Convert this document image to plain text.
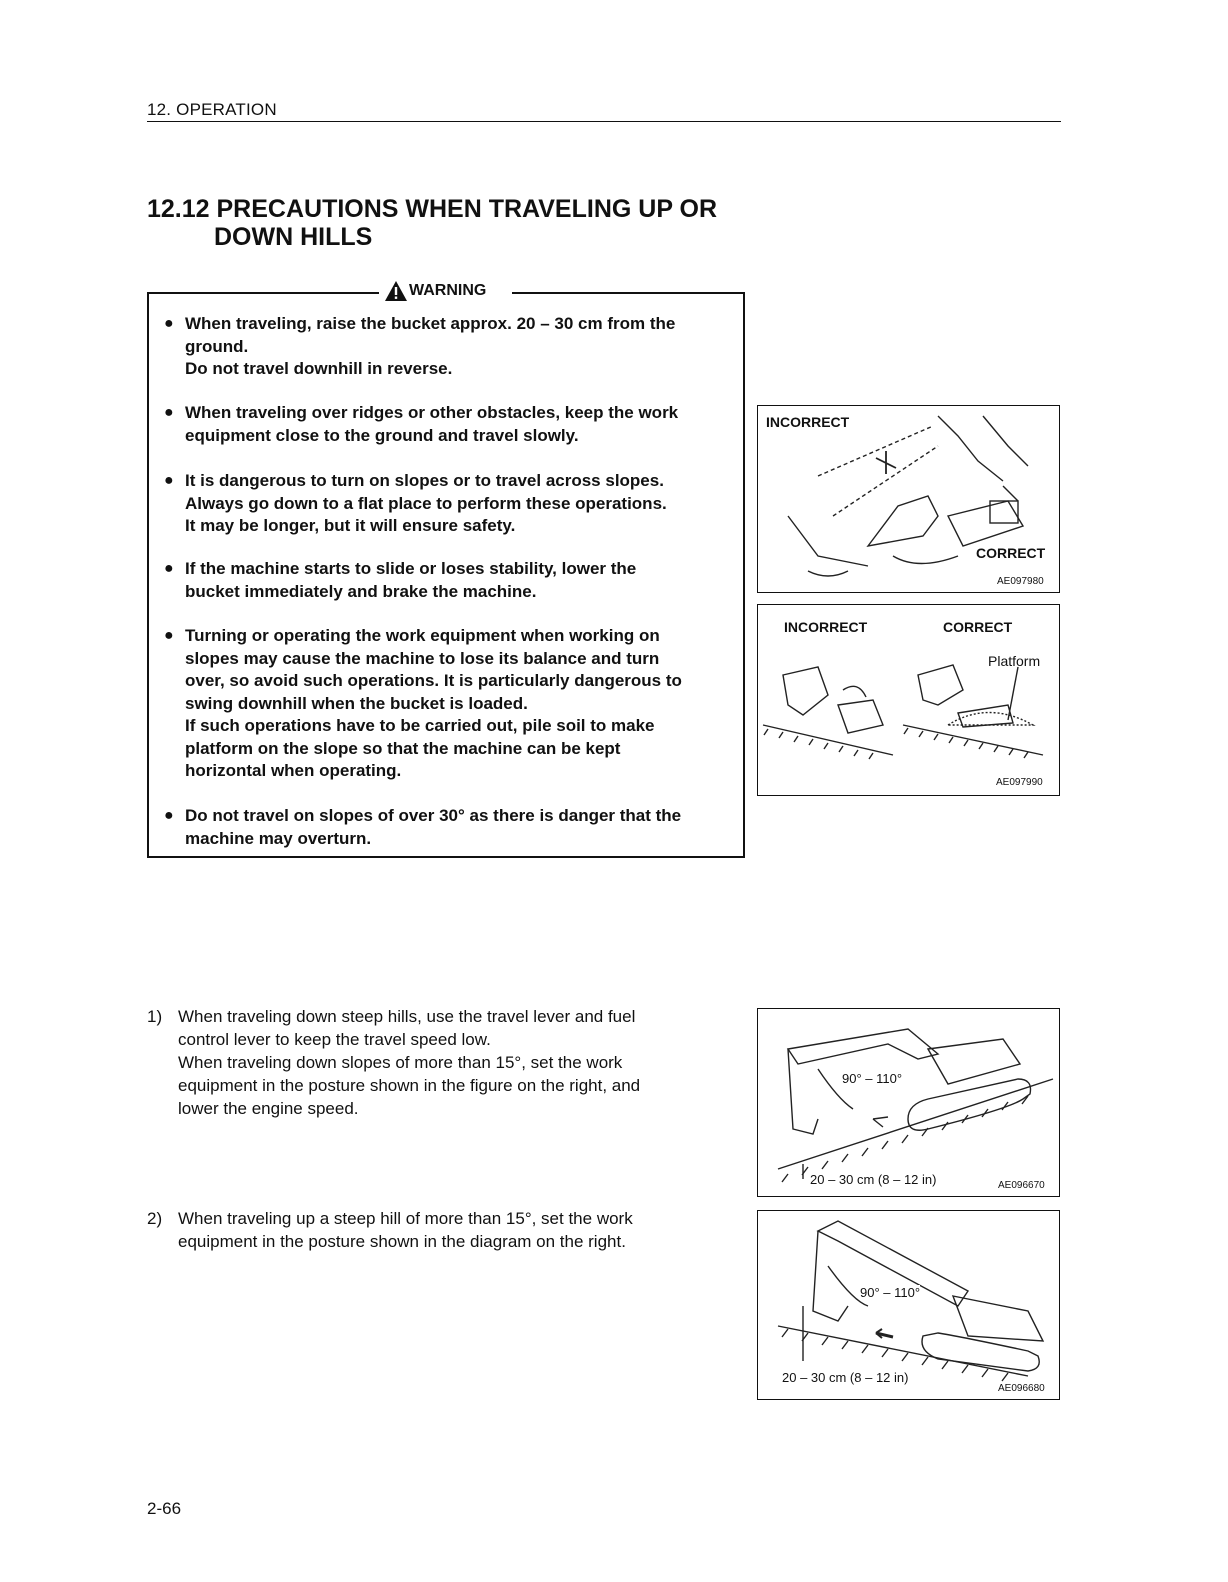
12. OPERATION
12.12 PRECAUTIONS WHEN TRAVELING UP OR
DOWN HILLS
WARNING
● When traveling, raise the bucket approx. 20 – 30 cm from the
ground.
Do not travel downhill in reverse.
● When traveling over ridges or other obstacles, keep the work
equipment close to the ground and travel slowly.
● It is dangerous to turn on slopes or to travel across slopes.
Always go down to a flat place to perform these operations.
It may be longer, but it will ensure safety.
● If the machine starts to slide or loses stability, lower the
bucket immediately and brake the machine.
● Turning or operating the work equipment when working on
slopes may cause the machine to lose its balance and turn
over, so avoid such operations. It is particularly dangerous to
swing downhill when the bucket is loaded.
If such operations have to be carried out, pile soil to make
platform on the slope so that the machine can be kept
horizontal when operating.
● Do not travel on slopes of over 30° as there is danger that the
machine may overturn.
INCORRECT
CORRECT
AE097980
INCORRECT	CORRECT
Platform
AE097990
1) When traveling down steep hills, use the travel lever and fuel
control lever to keep the travel speed low.
When traveling down slopes of more than 15°, set the work
equipment in the posture shown in the figure on the right, and
lower the engine speed.
2) When traveling up a steep hill of more than 15°, set the work
equipment in the posture shown in the diagram on the right.
90° – 110°
20 – 30 cm (8 – 12 in)	AE096670
90° – 110°
20 – 30 cm (8 – 12 in)
AE096680
2-66
